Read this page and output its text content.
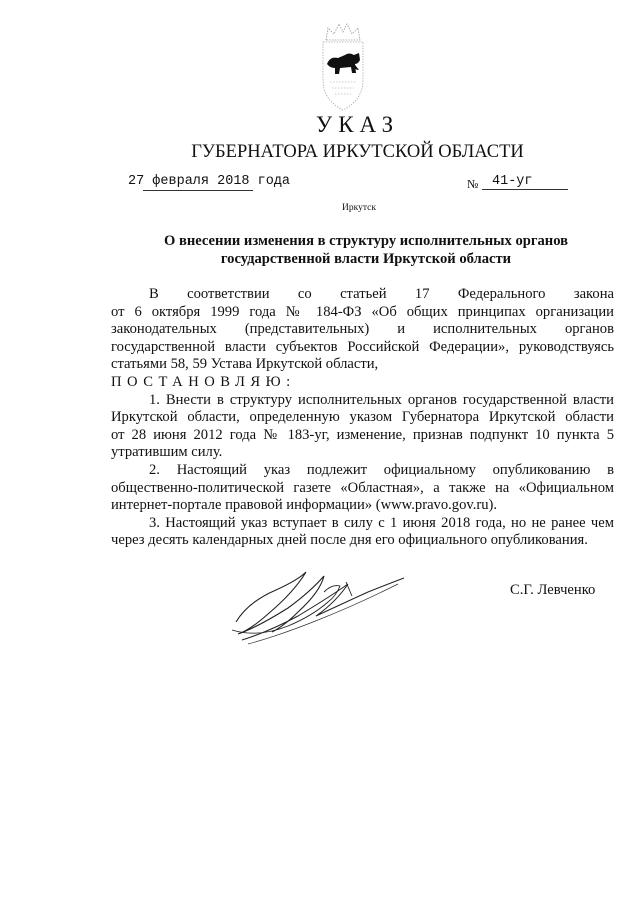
УКАЗ
ГУБЕРНАТОРА ИРКУТСКОЙ ОБЛАСТИ
27 февраля 2018 года	№	41-уг
Иркутск
О внесении изменения в структуру исполнительных органов
государственной власти Иркутской области
В соответствии со статьей 17 Федерального закона
от 6 октября 1999 года № 184-ФЗ «Об общих принципах организации
законодательных (представительных) и исполнительных органов
государственной власти субъектов Российской Федерации», руководствуясь
статьями 58, 59 Устава Иркутской области,
ПОСТАНОВЛЯЮ:
1. Внести в структуру исполнительных органов государственной власти
Иркутской области, определенную указом Губернатора Иркутской области
от 28 июня 2012 года № 183-уг, изменение, признав подпункт 10 пункта 5
утратившим силу.
2. Настоящий указ подлежит официальному опубликованию в
общественно-политической газете «Областная», а также на «Официальном
интернет-портале правовой информации» (www.pravo.gov.ru).
3. Настоящий указ вступает в силу с 1 июня 2018 года, но не ранее чем
через десять календарных дней после дня его официального опубликования.
С.Г. Левченко
